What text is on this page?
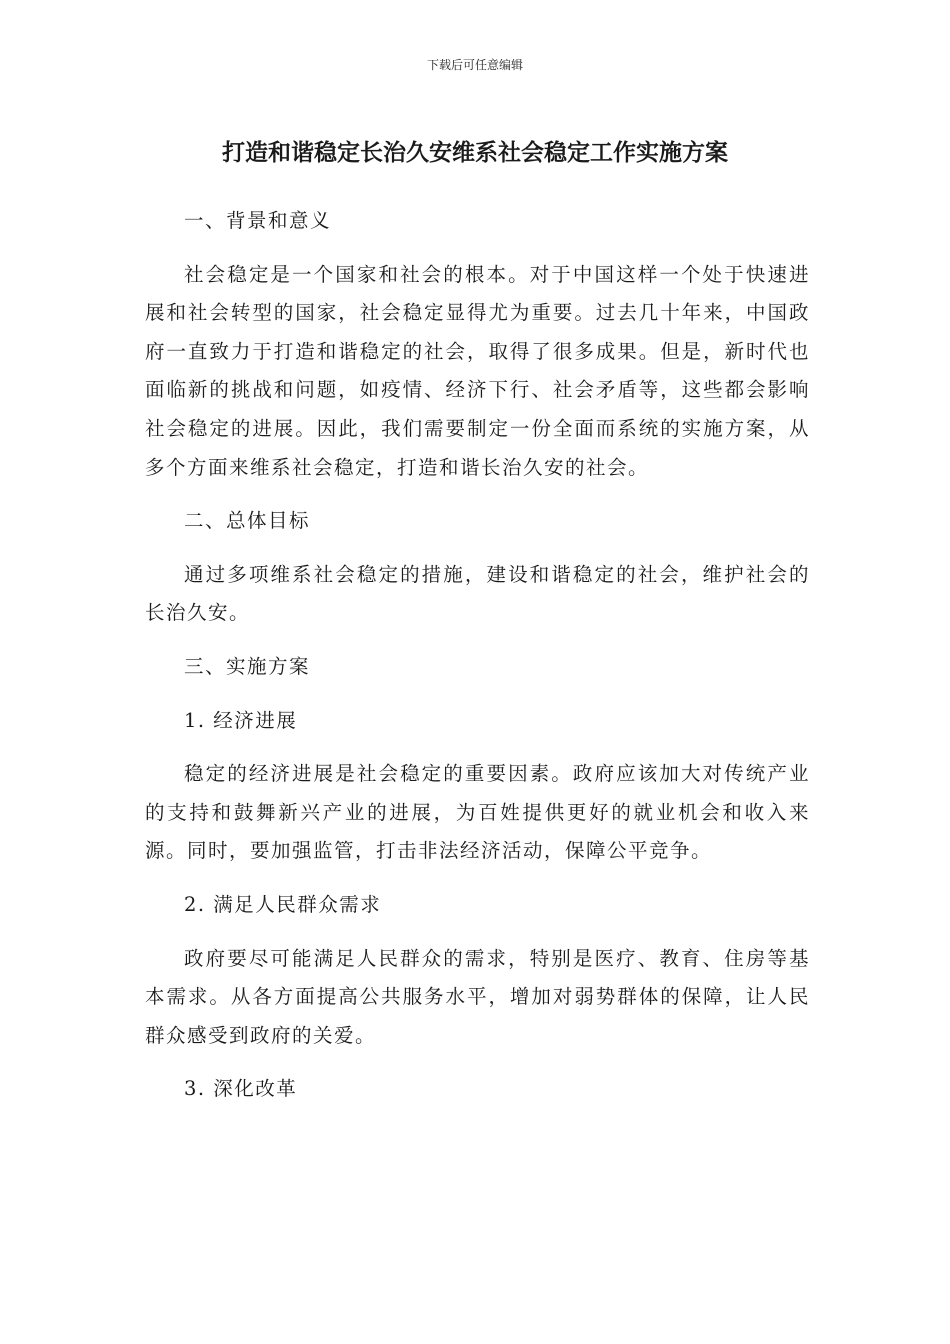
下载后可任意编辑
打造和谐稳定长治久安维系社会稳定工作实施方案

一、背景和意义

社会稳定是一个国家和社会的根本。对于中国这样一个处于快速进展和社会转型的国家，社会稳定显得尤为重要。过去几十年来，中国政府一直致力于打造和谐稳定的社会，取得了很多成果。但是，新时代也面临新的挑战和问题，如疫情、经济下行、社会矛盾等，这些都会影响社会稳定的进展。因此，我们需要制定一份全面而系统的实施方案，从多个方面来维系社会稳定，打造和谐长治久安的社会。

二、总体目标

通过多项维系社会稳定的措施，建设和谐稳定的社会，维护社会的长治久安。

三、实施方案

1. 经济进展

稳定的经济进展是社会稳定的重要因素。政府应该加大对传统产业的支持和鼓舞新兴产业的进展，为百姓提供更好的就业机会和收入来源。同时，要加强监管，打击非法经济活动，保障公平竞争。

2. 满足人民群众需求

政府要尽可能满足人民群众的需求，特别是医疗、教育、住房等基本需求。从各方面提高公共服务水平，增加对弱势群体的保障，让人民群众感受到政府的关爱。

3. 深化改革
